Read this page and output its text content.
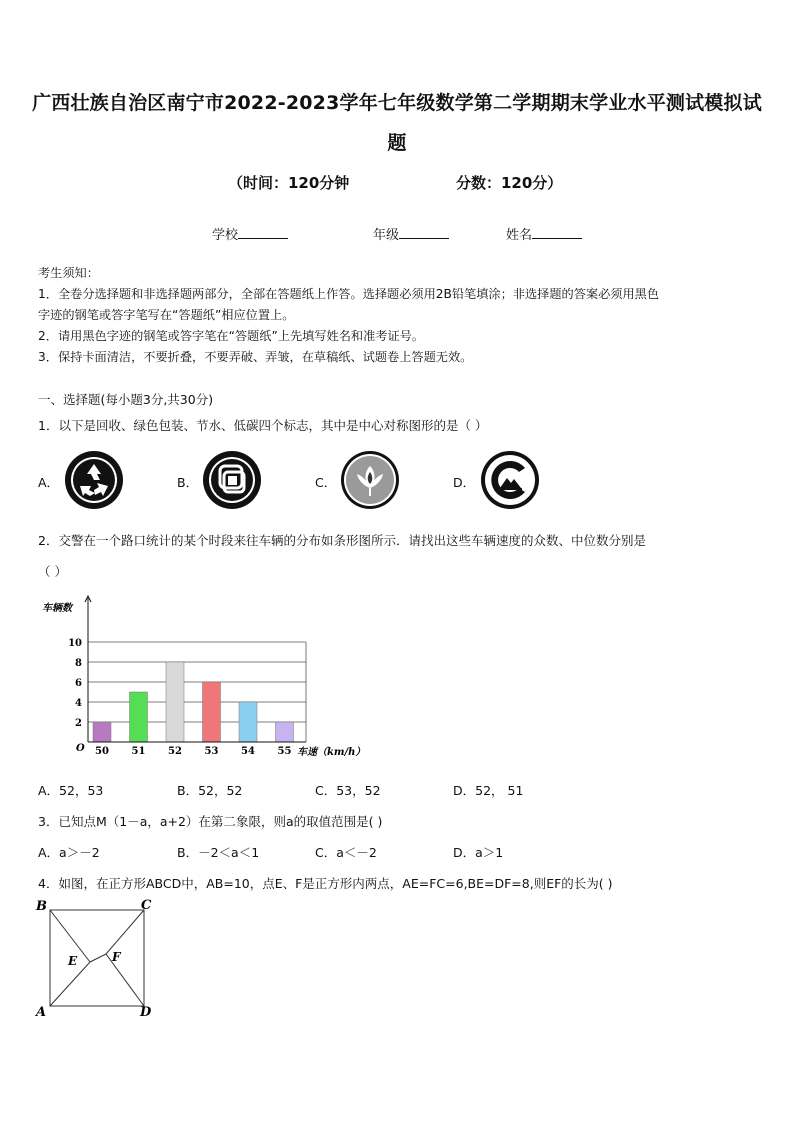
广西壮族自治区南宁市2022-2023学年七年级数学第二学期期末学业水平测试模拟试
题
（时间：120分钟	分数：120分）
学校	年级	姓名
考生须知：
1．全卷分选择题和非选择题两部分，全部在答题纸上作答。选择题必须用2B铅笔填涂；非选择题的答案必须用黑色
字迹的钢笔或答字笔写在“答题纸”相应位置上。
2．请用黑色字迹的钢笔或答字笔在“答题纸”上先填写姓名和准考证号。
3．保持卡面清洁，不要折叠，不要弄破、弄皱，在草稿纸、试题卷上答题无效。
一、选择题(每小题3分,共30分)
1．以下是回收、绿色包装、节水、低碳四个标志，其中是中心对称图形的是（ ）
A．	B．	C．	D．
2．交警在一个路口统计的某个时段来往车辆的分布如条形图所示．请找出这些车辆速度的众数、中位数分别是
（ ）
2
4
6
8
10
50 51 52 53 54 55
车辆数
O	车速（km/h）
A．52，53	B．52，52	C．53，52	D．52， 51
3．已知点M（1－a，a+2）在第二象限，则a的取值范围是( )
A．a＞－2	B．－2＜a＜1	C．a＜－2	D．a＞1
4．如图，在正方形ABCD中，AB=10，点E、F是正方形内两点，AE=FC=6,BE=DF=8,则EF的长为( )
B	C
A	D
E	F
